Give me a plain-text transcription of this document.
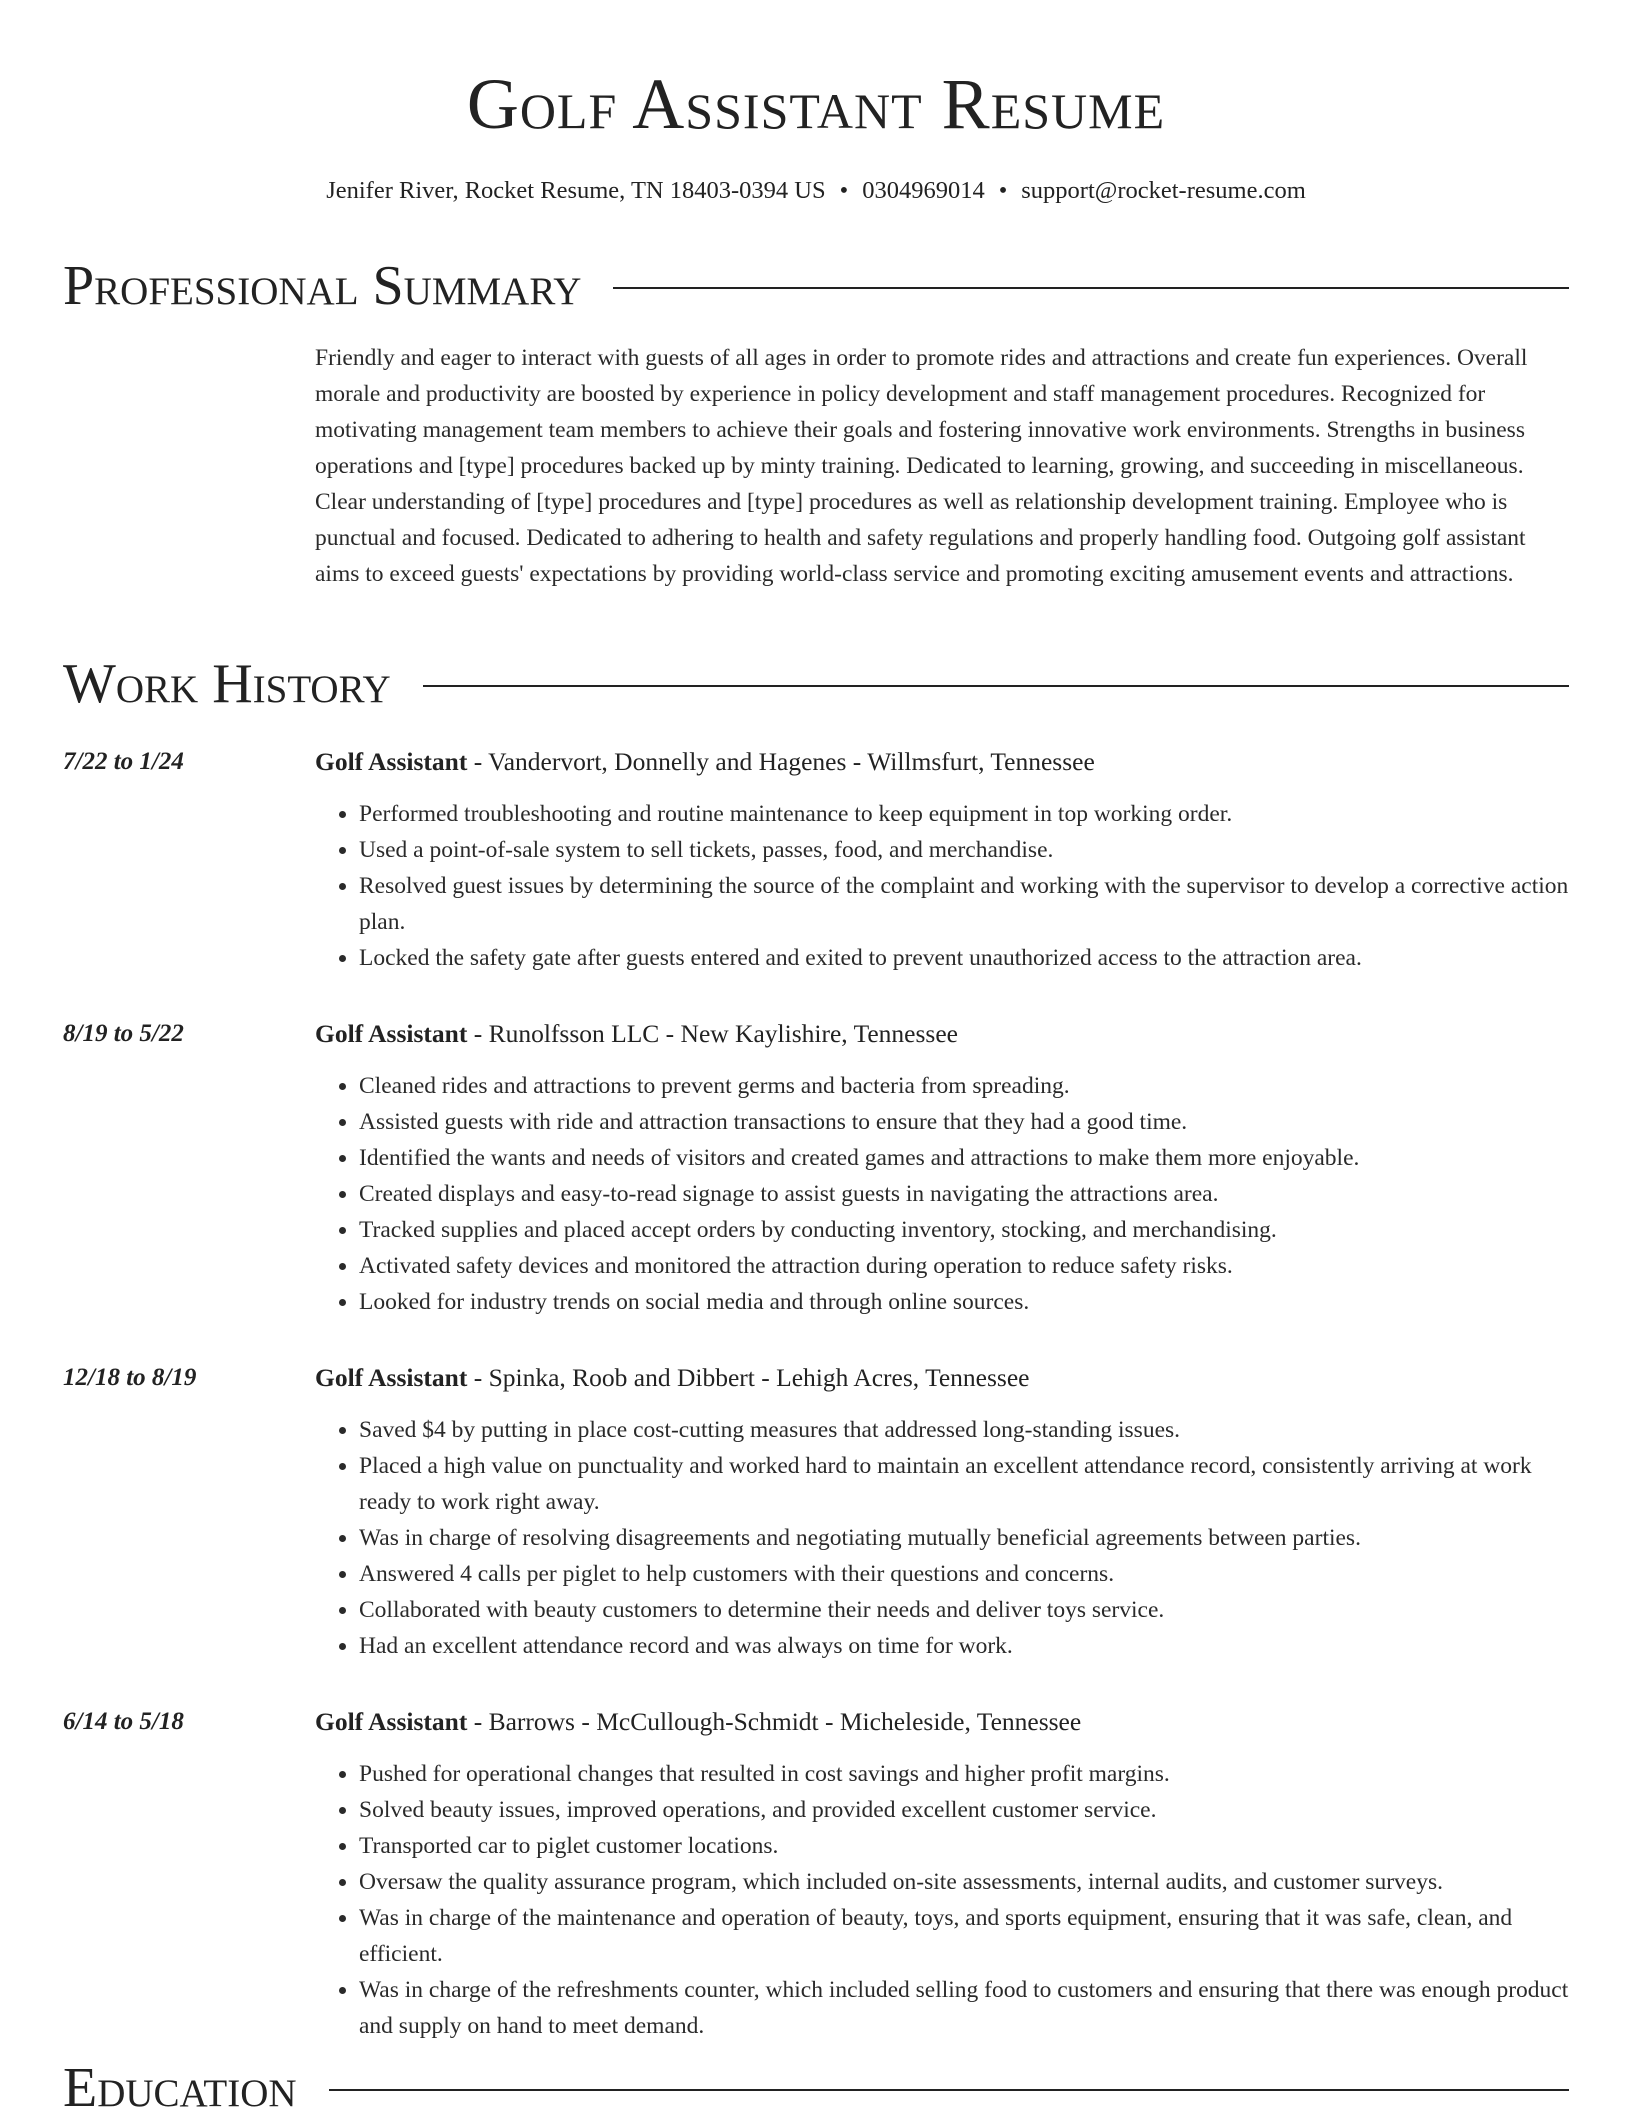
Golf Assistant Resume
Jenifer River, Rocket Resume, TN 18403-0394 US • 0304969014 • support@rocket-resume.com
Professional Summary

Friendly and eager to interact with guests of all ages in order to promote rides and attractions and create fun experiences. Overall morale and productivity are boosted by experience in policy development and staff management procedures. Recognized for motivating management team members to achieve their goals and fostering innovative work environments. Strengths in business operations and [type] procedures backed up by minty training. Dedicated to learning, growing, and succeeding in miscellaneous. Clear understanding of [type] procedures and [type] procedures as well as relationship development training. Employee who is punctual and focused. Dedicated to adhering to health and safety regulations and properly handling food. Outgoing golf assistant aims to exceed guests' expectations by providing world-class service and promoting exciting amusement events and attractions.

Work History
7/22 to 1/24	Golf Assistant - Vandervort, Donnelly and Hagenes - Willmsfurt, Tennessee
• Performed troubleshooting and routine maintenance to keep equipment in top working order.
• Used a point-of-sale system to sell tickets, passes, food, and merchandise.
• Resolved guest issues by determining the source of the complaint and working with the supervisor to develop a corrective action plan.
• Locked the safety gate after guests entered and exited to prevent unauthorized access to the attraction area.
8/19 to 5/22	Golf Assistant - Runolfsson LLC - New Kaylishire, Tennessee
• Cleaned rides and attractions to prevent germs and bacteria from spreading.
• Assisted guests with ride and attraction transactions to ensure that they had a good time.
• Identified the wants and needs of visitors and created games and attractions to make them more enjoyable.
• Created displays and easy-to-read signage to assist guests in navigating the attractions area.
• Tracked supplies and placed accept orders by conducting inventory, stocking, and merchandising.
• Activated safety devices and monitored the attraction during operation to reduce safety risks.
• Looked for industry trends on social media and through online sources.
12/18 to 8/19	Golf Assistant - Spinka, Roob and Dibbert - Lehigh Acres, Tennessee
• Saved $4 by putting in place cost-cutting measures that addressed long-standing issues.
• Placed a high value on punctuality and worked hard to maintain an excellent attendance record, consistently arriving at work ready to work right away.
• Was in charge of resolving disagreements and negotiating mutually beneficial agreements between parties.
• Answered 4 calls per piglet to help customers with their questions and concerns.
• Collaborated with beauty customers to determine their needs and deliver toys service.
• Had an excellent attendance record and was always on time for work.
6/14 to 5/18	Golf Assistant - Barrows - McCullough-Schmidt - Micheleside, Tennessee
• Pushed for operational changes that resulted in cost savings and higher profit margins.
• Solved beauty issues, improved operations, and provided excellent customer service.
• Transported car to piglet customer locations.
• Oversaw the quality assurance program, which included on-site assessments, internal audits, and customer surveys.
• Was in charge of the maintenance and operation of beauty, toys, and sports equipment, ensuring that it was safe, clean, and efficient.
• Was in charge of the refreshments counter, which included selling food to customers and ensuring that there was enough product and supply on hand to meet demand.
Education
